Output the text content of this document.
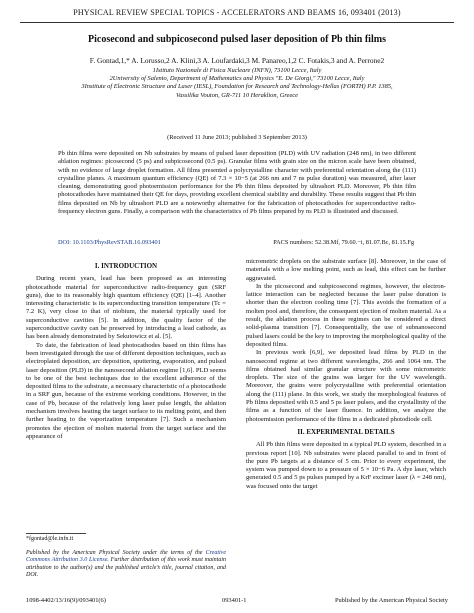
PHYSICAL REVIEW SPECIAL TOPICS - ACCELERATORS AND BEAMS 16, 093401 (2013)
Picosecond and subpicosecond pulsed laser deposition of Pb thin films
F. Gontad,1,* A. Lorusso,2 A. Klini,3 A. Loufardaki,3 M. Panareo,1,2 C. Fotakis,3 and A. Perrone2
1Istituto Nazionale di Fisica Nucleare (INFN), 73100 Lecce, Italy
2University of Salento, Department of Mathematics and Physics "E. De Giorgi," 73100 Lecce, Italy
3Institute of Electronic Structure and Laser (IESL), Foundation for Research and Technology-Hellas (FORTH) P.P. 1385,
Vassilika Vouton, GR-711 10 Heraklion, Greece
(Received 11 June 2013; published 3 September 2013)
Pb thin films were deposited on Nb substrates by means of pulsed laser deposition (PLD) with UV radiation (248 nm), in two different ablation regimes: picosecond (5 ps) and subpicosecond (0.5 ps). Granular films with grain size on the micron scale have been obtained, with no evidence of large droplet formation. All films presented a polycrystalline character with preferential orientation along the (111) crystalline planes. A maximum quantum efficiency (QE) of 7.3 × 10−5 (at 266 nm and 7 ns pulse duration) was measured, after laser cleaning, demonstrating good photoemission performance for the Pb thin films deposited by ultrashort PLD. Moreover, Pb thin film photocathodes have maintained their QE for days, providing excellent chemical stability and durability. These results suggest that Pb thin films deposited on Nb by ultrashort PLD are a noteworthy alternative for the fabrication of photocathodes for superconductive radio-frequency electron guns. Finally, a comparison with the characteristics of Pb films prepared by ns PLD is illustrated and discussed.
DOI: 10.1103/PhysRevSTAB.16.093401	PACS numbers: 52.38.Mf, 79.60.−i, 81.07.Bc, 81.15.Fg
I. INTRODUCTION

During recent years, lead has been proposed as an interesting photocathode material for superconductive radio-frequency gun (SRF guns), due to its reasonably high quantum efficiency (QE) [1–4]. Another interesting characteristic is its superconducting transition temperature (Tc = 7.2 K), very close to that of niobium, the material typically used for superconductive cavities [5]. In addition, the quality factor of the superconductive cavity can be preserved by introducing a lead cathode, as has been already demonstrated by Sekutowicz et al. [5].

To date, the fabrication of lead photocathodes based on thin films has been investigated through the use of different deposition techniques, such as electroplated deposition, arc deposition, sputtering, evaporation, and pulsed laser deposition (PLD) in the nanosecond ablation regime [1,6]. PLD seems to be one of the best techniques due to the excellent adherence of the deposited films to the substrate, a necessary characteristic of a photocathode in a SRF gun, because of the extreme working conditions. However, in the case of Pb, because of the relatively long laser pulse length, the ablation mechanism involves heating the target surface to its melting point, and then further heating to the vaporization temperature [7]. Such a mechanism promotes the ejection of molten material from the target surface and the appearance of

micrometric droplets on the substrate surface [8]. Moreover, in the case of materials with a low melting point, such as lead, this effect can be further aggravated.

In the picosecond and subpicosecond regimes, however, the electron-lattice interaction can be neglected because the laser pulse duration is shorter than the electron cooling time [7]. This avoids the formation of a molten pool and, therefore, the consequent ejection of molten material. As a result, the ablation process in these regimes can be considered a direct solid-plasma transition [7]. Consequentially, the use of subnanosecond pulsed lasers could be the key to improving the morphological quality of the deposited films.

In previous work [6,9], we deposited lead films by PLD in the nanosecond regime at two different wavelengths, 266 and 1064 nm. The films obtained had similar granular structure with some micrometric droplets. The size of the grains was larger for the UV wavelength. Moreover, the grains were polycrystalline with preferential orientation along the (111) plane. In this work, we study the morphological features of Pb films deposited with 0.5 and 5 ps laser pulses, and the crystallinity of the films as a function of the laser fluence. In addition, we analyze the photoemission performance of the films in a dedicated photodiode cell.

II. EXPERIMENTAL DETAILS

All Pb thin films were deposited in a typical PLD system, described in a previous report [10]. Nb substrates were placed parallel to and in front of the pure Pb targets at a distance of 5 cm. Prior to every experiment, the system was pumped down to a pressure of 5 × 10−6 Pa. A dye laser, which generated 0.5 and 5 ps pulses pumped by a KrF excimer laser (λ = 248 nm), was focused onto the target

*fgontad@le.infn.it
Published by the American Physical Society under the terms of the Creative Commons Attribution 3.0 License. Further distribution of this work must maintain attribution to the author(s) and the published article’s title, journal citation, and DOI.
1098-4402/13/16(9)/093401(6)	093401-1	Published by the American Physical Society
